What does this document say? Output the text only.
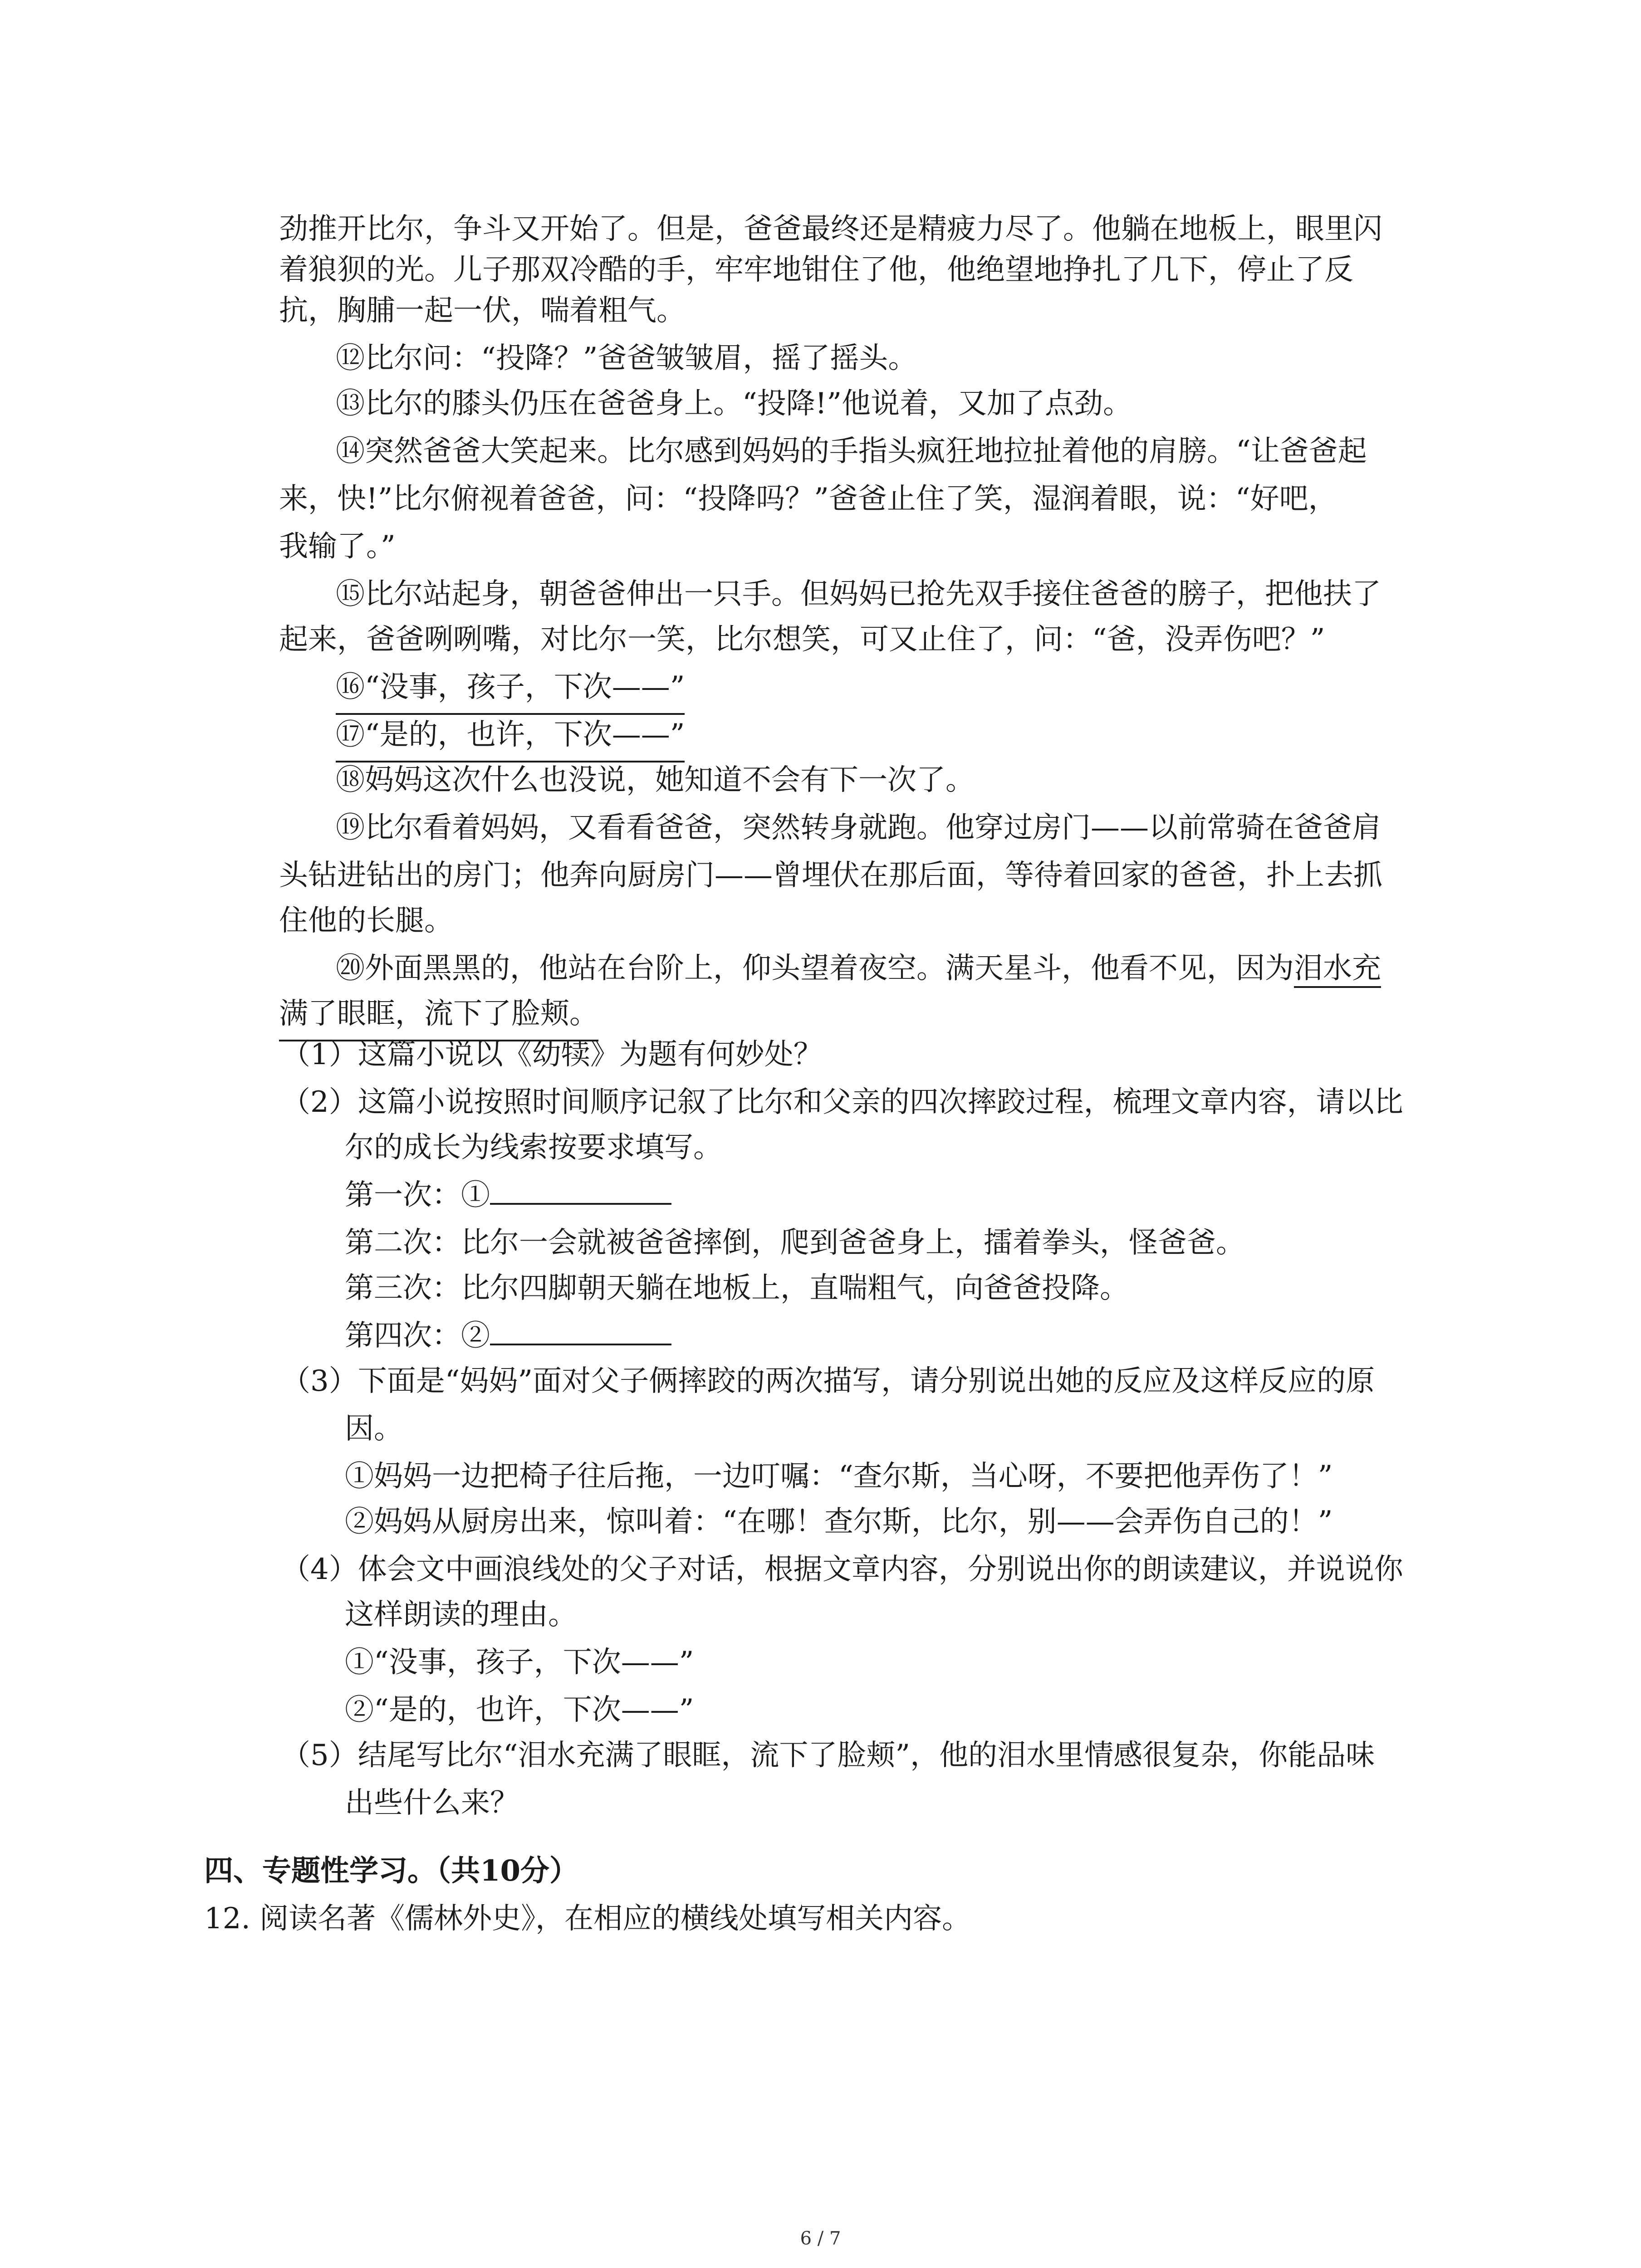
劲推开比尔，争斗又开始了。但是，爸爸最终还是精疲力尽了。他躺在地板上，眼里闪
着狼狈的光。儿子那双冷酷的手，牢牢地钳住了他，他绝望地挣扎了几下，停止了反
抗，胸脯一起一伏，喘着粗气。
⑫比尔问：“投降？”爸爸皱皱眉，摇了摇头。
⑬比尔的膝头仍压在爸爸身上。“投降!”他说着，又加了点劲。
⑭突然爸爸大笑起来。比尔感到妈妈的手指头疯狂地拉扯着他的肩膀。“让爸爸起
来，快!”比尔俯视着爸爸，问：“投降吗？”爸爸止住了笑，湿润着眼，说：“好吧，
我输了。”
⑮比尔站起身，朝爸爸伸出一只手。但妈妈已抢先双手接住爸爸的膀子，把他扶了
起来，爸爸咧咧嘴，对比尔一笑，比尔想笑，可又止住了，问：“爸，没弄伤吧？”
⑯“没事，孩子，下次——”
⑰“是的，也许，下次——”
⑱妈妈这次什么也没说，她知道不会有下一次了。
⑲比尔看着妈妈，又看看爸爸，突然转身就跑。他穿过房门——以前常骑在爸爸肩
头钻进钻出的房门；他奔向厨房门——曾埋伏在那后面，等待着回家的爸爸，扑上去抓
住他的长腿。
⑳外面黑黑的，他站在台阶上，仰头望着夜空。满天星斗，他看不见，因为泪水充
满了眼眶，流下了脸颊。
（1）这篇小说以《幼犊》为题有何妙处？
（2）这篇小说按照时间顺序记叙了比尔和父亲的四次摔跤过程，梳理文章内容，请以比
尔的成长为线索按要求填写。
第一次：①
第二次：比尔一会就被爸爸摔倒，爬到爸爸身上，擂着拳头，怪爸爸。
第三次：比尔四脚朝天躺在地板上，直喘粗气，向爸爸投降。
第四次：②
（3）下面是“妈妈”面对父子俩摔跤的两次描写，请分别说出她的反应及这样反应的原
因。
①妈妈一边把椅子往后拖，一边叮嘱：“查尔斯，当心呀，不要把他弄伤了！”
②妈妈从厨房出来，惊叫着：“在哪！查尔斯，比尔，别——会弄伤自己的！”
（4）体会文中画浪线处的父子对话，根据文章内容，分别说出你的朗读建议，并说说你
这样朗读的理由。
①“没事，孩子，下次——”
②“是的，也许，下次——”
（5）结尾写比尔“泪水充满了眼眶，流下了脸颊”，他的泪水里情感很复杂，你能品味
出些什么来？
四、专题性学习。（共10分）
12. 阅读名著《儒林外史》，在相应的横线处填写相关内容。
6 / 7
